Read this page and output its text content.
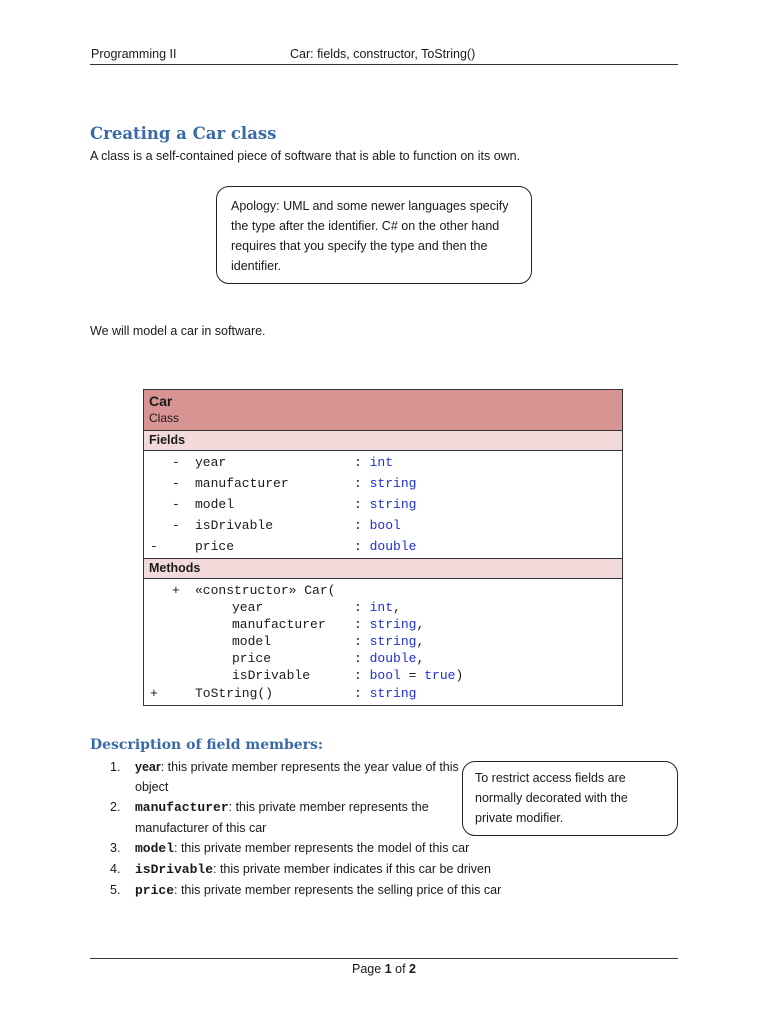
Programming II	Car: fields, constructor, ToString()
Creating a Car class
A class is a self-contained piece of software that is able to function on its own.
Apology: UML and some newer languages specify the type after the identifier. C# on the other hand requires that you specify the type and then the identifier.
We will model a car in software.
Car
Class
Fields
- year	: int
- manufacturer	: string
- model	: string
- isDrivable	: bool
-	price	: double
Methods
+ «constructor» Car(
year	: int,
manufacturer : string,
model	: string,
price	: double,
isDrivable	: bool = true)
+	ToString()	: string
Description of field members:
1. year: this private member represents the year value of this object
2. manufacturer: this private member represents the manufacturer of this car
3. model: this private member represents the model of this car
4. isDrivable: this private member indicates if this car be driven
5. price: this private member represents the selling price of this car
To restrict access fields are normally decorated with the private modifier.
Page 1 of 2
